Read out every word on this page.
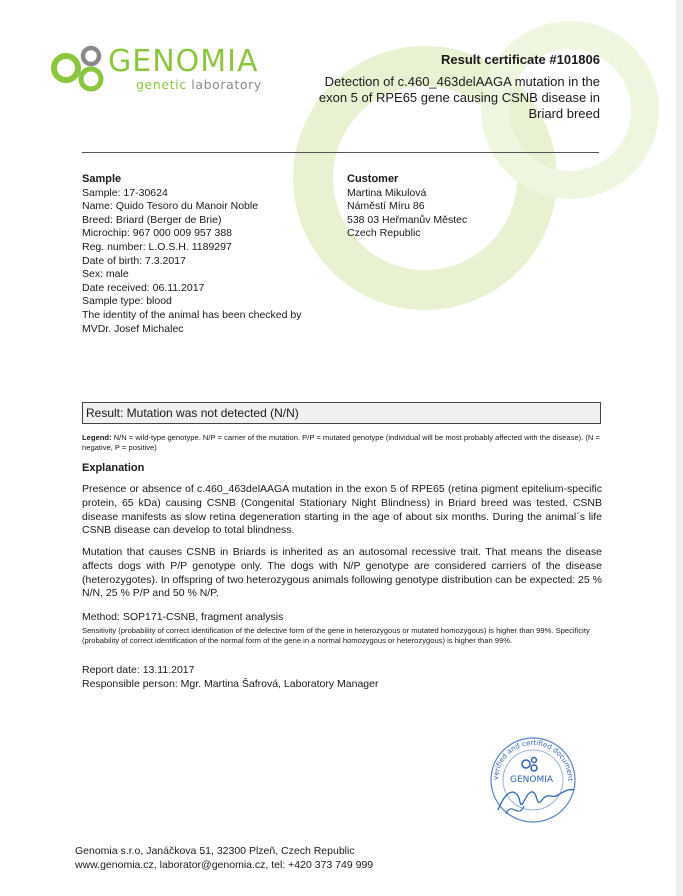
GENOMIA
genetic laboratory
Result certificate #101806
Detection of c.460_463delAAGA mutation in the exon 5 of RPE65 gene causing CSNB disease in Briard breed
Sample
Sample: 17-30624
Name: Quido Tesoro du Manoir Noble
Breed: Briard (Berger de Brie)
Microchip: 967 000 009 957 388
Reg. number: L.O.S.H. 1189297
Date of birth: 7.3.2017
Sex: male
Date received: 06.11.2017
Sample type: blood
The identity of the animal has been checked by
MVDr. Josef Michalec
Customer
Martina Mikulová
Náměstí Míru 86
538 03 Heřmanův Městec
Czech Republic
Result: Mutation was not detected (N/N)
Legend: N/N = wild-type genotype. N/P = carrier of the mutation. P/P = mutated genotype (individual will be most probably affected with the disease). (N = negative, P = positive)
Explanation
Presence or absence of c.460_463delAAGA mutation in the exon 5 of RPE65 (retina pigment epitelium-specific protein, 65 kDa) causing CSNB (Congenital Stationary Night Blindness) in Briard breed was tested. CSNB disease manifests as slow retina degeneration starting in the age of about six months. During the animal´s life CSNB disease can develop to total blindness.
Mutation that causes CSNB in Briards is inherited as an autosomal recessive trait. That means the disease affects dogs with P/P genotype only. The dogs with N/P genotype are considered carriers of the disease (heterozygotes). In offspring of two heterozygous animals following genotype distribution can be expected: 25 % N/N, 25 % P/P and 50 % N/P.
Method: SOP171-CSNB, fragment analysis
Sensitivity (probability of correct identification of the defective form of the gene in heterozygous or mutated homozygous) is higher than 99%. Specificity (probability of correct identification of the normal form of the gene in a normal homozygous or heterozygous) is higher than 99%.
Report date: 13.11.2017
Responsible person: Mgr. Martina Šafrová, Laboratory Manager
verified and certified document
GENOMIA
Genomia s.r.o, Janáčkova 51, 32300 Plzeň, Czech Republic
www.genomia.cz, laborator@genomia.cz, tel: +420 373 749 999
